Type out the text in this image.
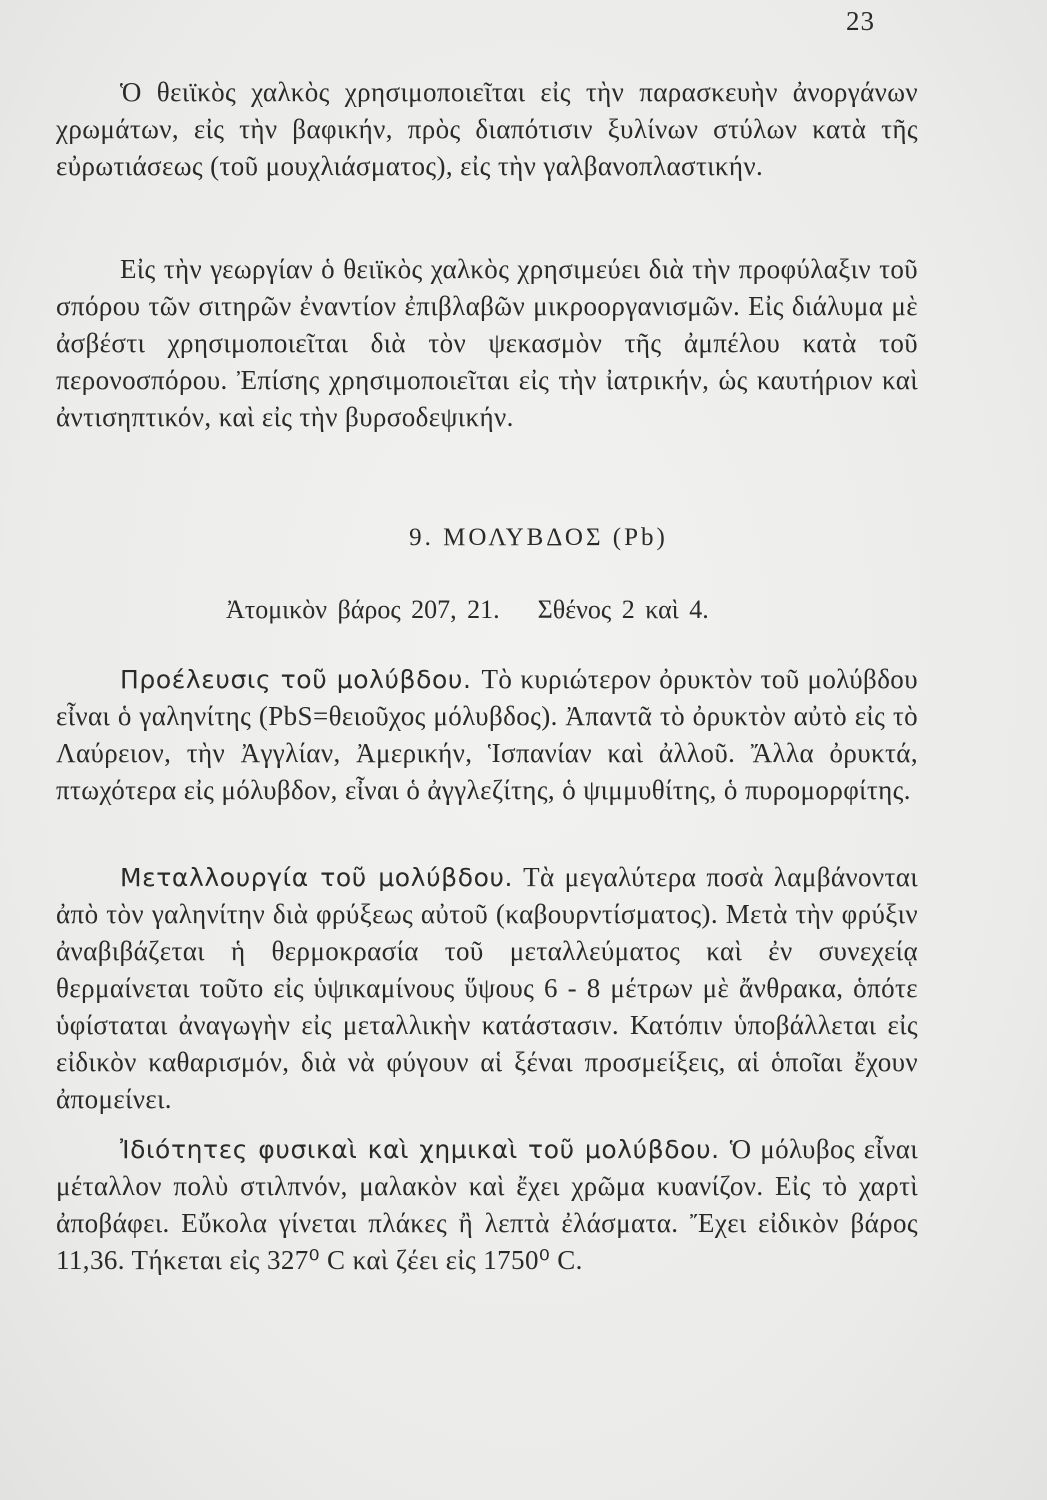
23

Ὁ θειϊκὸς χαλκὸς χρησιμοποιεῖται εἰς τὴν παρασκευὴν ἀνοργάνων χρωμάτων, εἰς τὴν βαφικήν, πρὸς διαπότισιν ξυλίνων στύλων κατὰ τῆς εὐρωτιάσεως (τοῦ μουχλιάσματος), εἰς τὴν γαλβανοπλαστικήν.

Εἰς τὴν γεωργίαν ὁ θειϊκὸς χαλκὸς χρησιμεύει διὰ τὴν προφύλαξιν τοῦ σπόρου τῶν σιτηρῶν ἐναντίον ἐπιβλαβῶν μικροοργανισμῶν. Εἰς διάλυμα μὲ ἀσβέστι χρησιμοποιεῖται διὰ τὸν ψεκασμὸν τῆς ἀμπέλου κατὰ τοῦ περονοσπόρου. Ἐπίσης χρησιμοποιεῖται εἰς τὴν ἰατρικήν, ὡς καυτήριον καὶ ἀντισηπτικόν, καὶ εἰς τὴν βυρσοδεψικήν.

9. ΜΟΛΥΒΔΟΣ (Pb)
Ἀτομικὸν βάρος 207, 21. Σθένος 2 καὶ 4.

Προέλευσις τοῦ μολύβδου. Τὸ κυριώτερον ὀρυκτὸν τοῦ μολύβδου εἶναι ὁ γαληνίτης (PbS=θειοῦχος μόλυβδος). Ἀπαντᾶ τὸ ὀρυκτὸν αὐτὸ εἰς τὸ Λαύρειον, τὴν Ἀγγλίαν, Ἀμερικήν, Ἱσπανίαν καὶ ἀλλοῦ. Ἄλλα ὀρυκτά, πτωχότερα εἰς μόλυβδον, εἶναι ὁ ἀγγλεζίτης, ὁ ψιμμυθίτης, ὁ πυρομορφίτης.

Μεταλλουργία τοῦ μολύβδου. Τὰ μεγαλύτερα ποσὰ λαμβάνονται ἀπὸ τὸν γαληνίτην διὰ φρύξεως αὐτοῦ (καβουρντίσματος). Μετὰ τὴν φρύξιν ἀναβιβάζεται ἡ θερμοκρασία τοῦ μεταλλεύματος καὶ ἐν συνεχείᾳ θερμαίνεται τοῦτο εἰς ὑψικαμίνους ὕψους 6 - 8 μέτρων μὲ ἄνθρακα, ὁπότε ὑφίσταται ἀναγωγὴν εἰς μεταλλικὴν κατάστασιν. Κατόπιν ὑποβάλλεται εἰς εἰδικὸν καθαρισμόν, διὰ νὰ φύγουν αἱ ξέναι προσμείξεις, αἱ ὁποῖαι ἔχουν ἀπομείνει.

Ἰδιότητες φυσικαὶ καὶ χημικαὶ τοῦ μολύβδου. Ὁ μόλυβος εἶναι μέταλλον πολὺ στιλπνόν, μαλακὸν καὶ ἔχει χρῶμα κυανίζον. Εἰς τὸ χαρτὶ ἀποβάφει. Εὔκολα γίνεται πλάκες ἢ λεπτὰ ἐλάσματα. Ἔχει εἰδικὸν βάρος 11,36. Τήκεται εἰς 327⁰ C καὶ ζέει εἰς 1750⁰ C.
